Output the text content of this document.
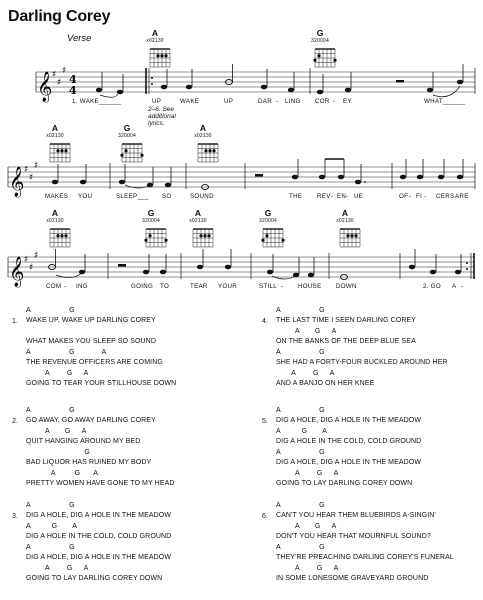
Darling Corey
Verse	A
x02130
G
320004
𝄞 ♯
♯
♯
4
4
1. WAKE______	UP	WAKE	UP	DAR - LING COR - EY	WHAT______
2–6. See additional lyrics.
A
x02130
G
320004
A
x02130
𝄞 ♯
♯
♯
MAKES YOU	SLEEP___ SO	SOUND	THE REV - EN - UE	OF - FI - CERS ARE
A
x02130
G
320004
A
x02130
G
320004
A
x02130
𝄞 ♯
♯
♯
COM - ING	GOING TO	TEAR YOUR	STILL - HOUSE DOWN	2. GO A -
1.
A                    G
WAKE UP, WAKE UP DARLING COREY
WHAT MAKES YOU SLEEP SO SOUND
A                    G              A
THE REVENUE OFFICERS ARE COMING
A         G      A
GOING TO TEAR YOUR STILLHOUSE DOWN
2.
A                    G
GO AWAY, GO AWAY DARLING COREY
A        G      A
QUIT HANGING AROUND MY BED
G
BAD LIQUOR HAS RUINED MY BODY
A          G       A
PRETTY WOMEN HAVE GONE TO MY HEAD
3.
A                    G
DIG A HOLE, DIG A HOLE IN THE MEADOW
A           G        A
DIG A HOLE IN THE COLD, COLD GROUND
A                    G
DIG A HOLE, DIG A HOLE IN THE MEADOW
A         G      A
GOING TO LAY DARLING COREY DOWN
4.
A                    G
THE LAST TIME I SEEN DARLING COREY
A        G      A
ON THE BANKS OF THE DEEP BLUE SEA
A                    G
SHE HAD A FORTY-FOUR BUCKLED AROUND HER
A         G      A
AND A BANJO ON HER KNEE
5.
A                    G
DIG A HOLE, DIG A HOLE IN THE MEADOW
A           G        A
DIG A HOLE IN THE COLD, COLD GROUND
A                    G
DIG A HOLE, DIG A HOLE IN THE MEADOW
A         G      A
GOING TO LAY DARLING COREY DOWN
6.
A                    G
CAN'T YOU HEAR THEM BLUEBIRDS A-SINGIN'
A        G      A
DON'T YOU HEAR THAT MOURNFUL SOUND?
A                    G
THEY'RE PREACHING DARLING COREY'S FUNERAL
A         G      A
IN SOME LONESOME GRAVEYARD GROUND
